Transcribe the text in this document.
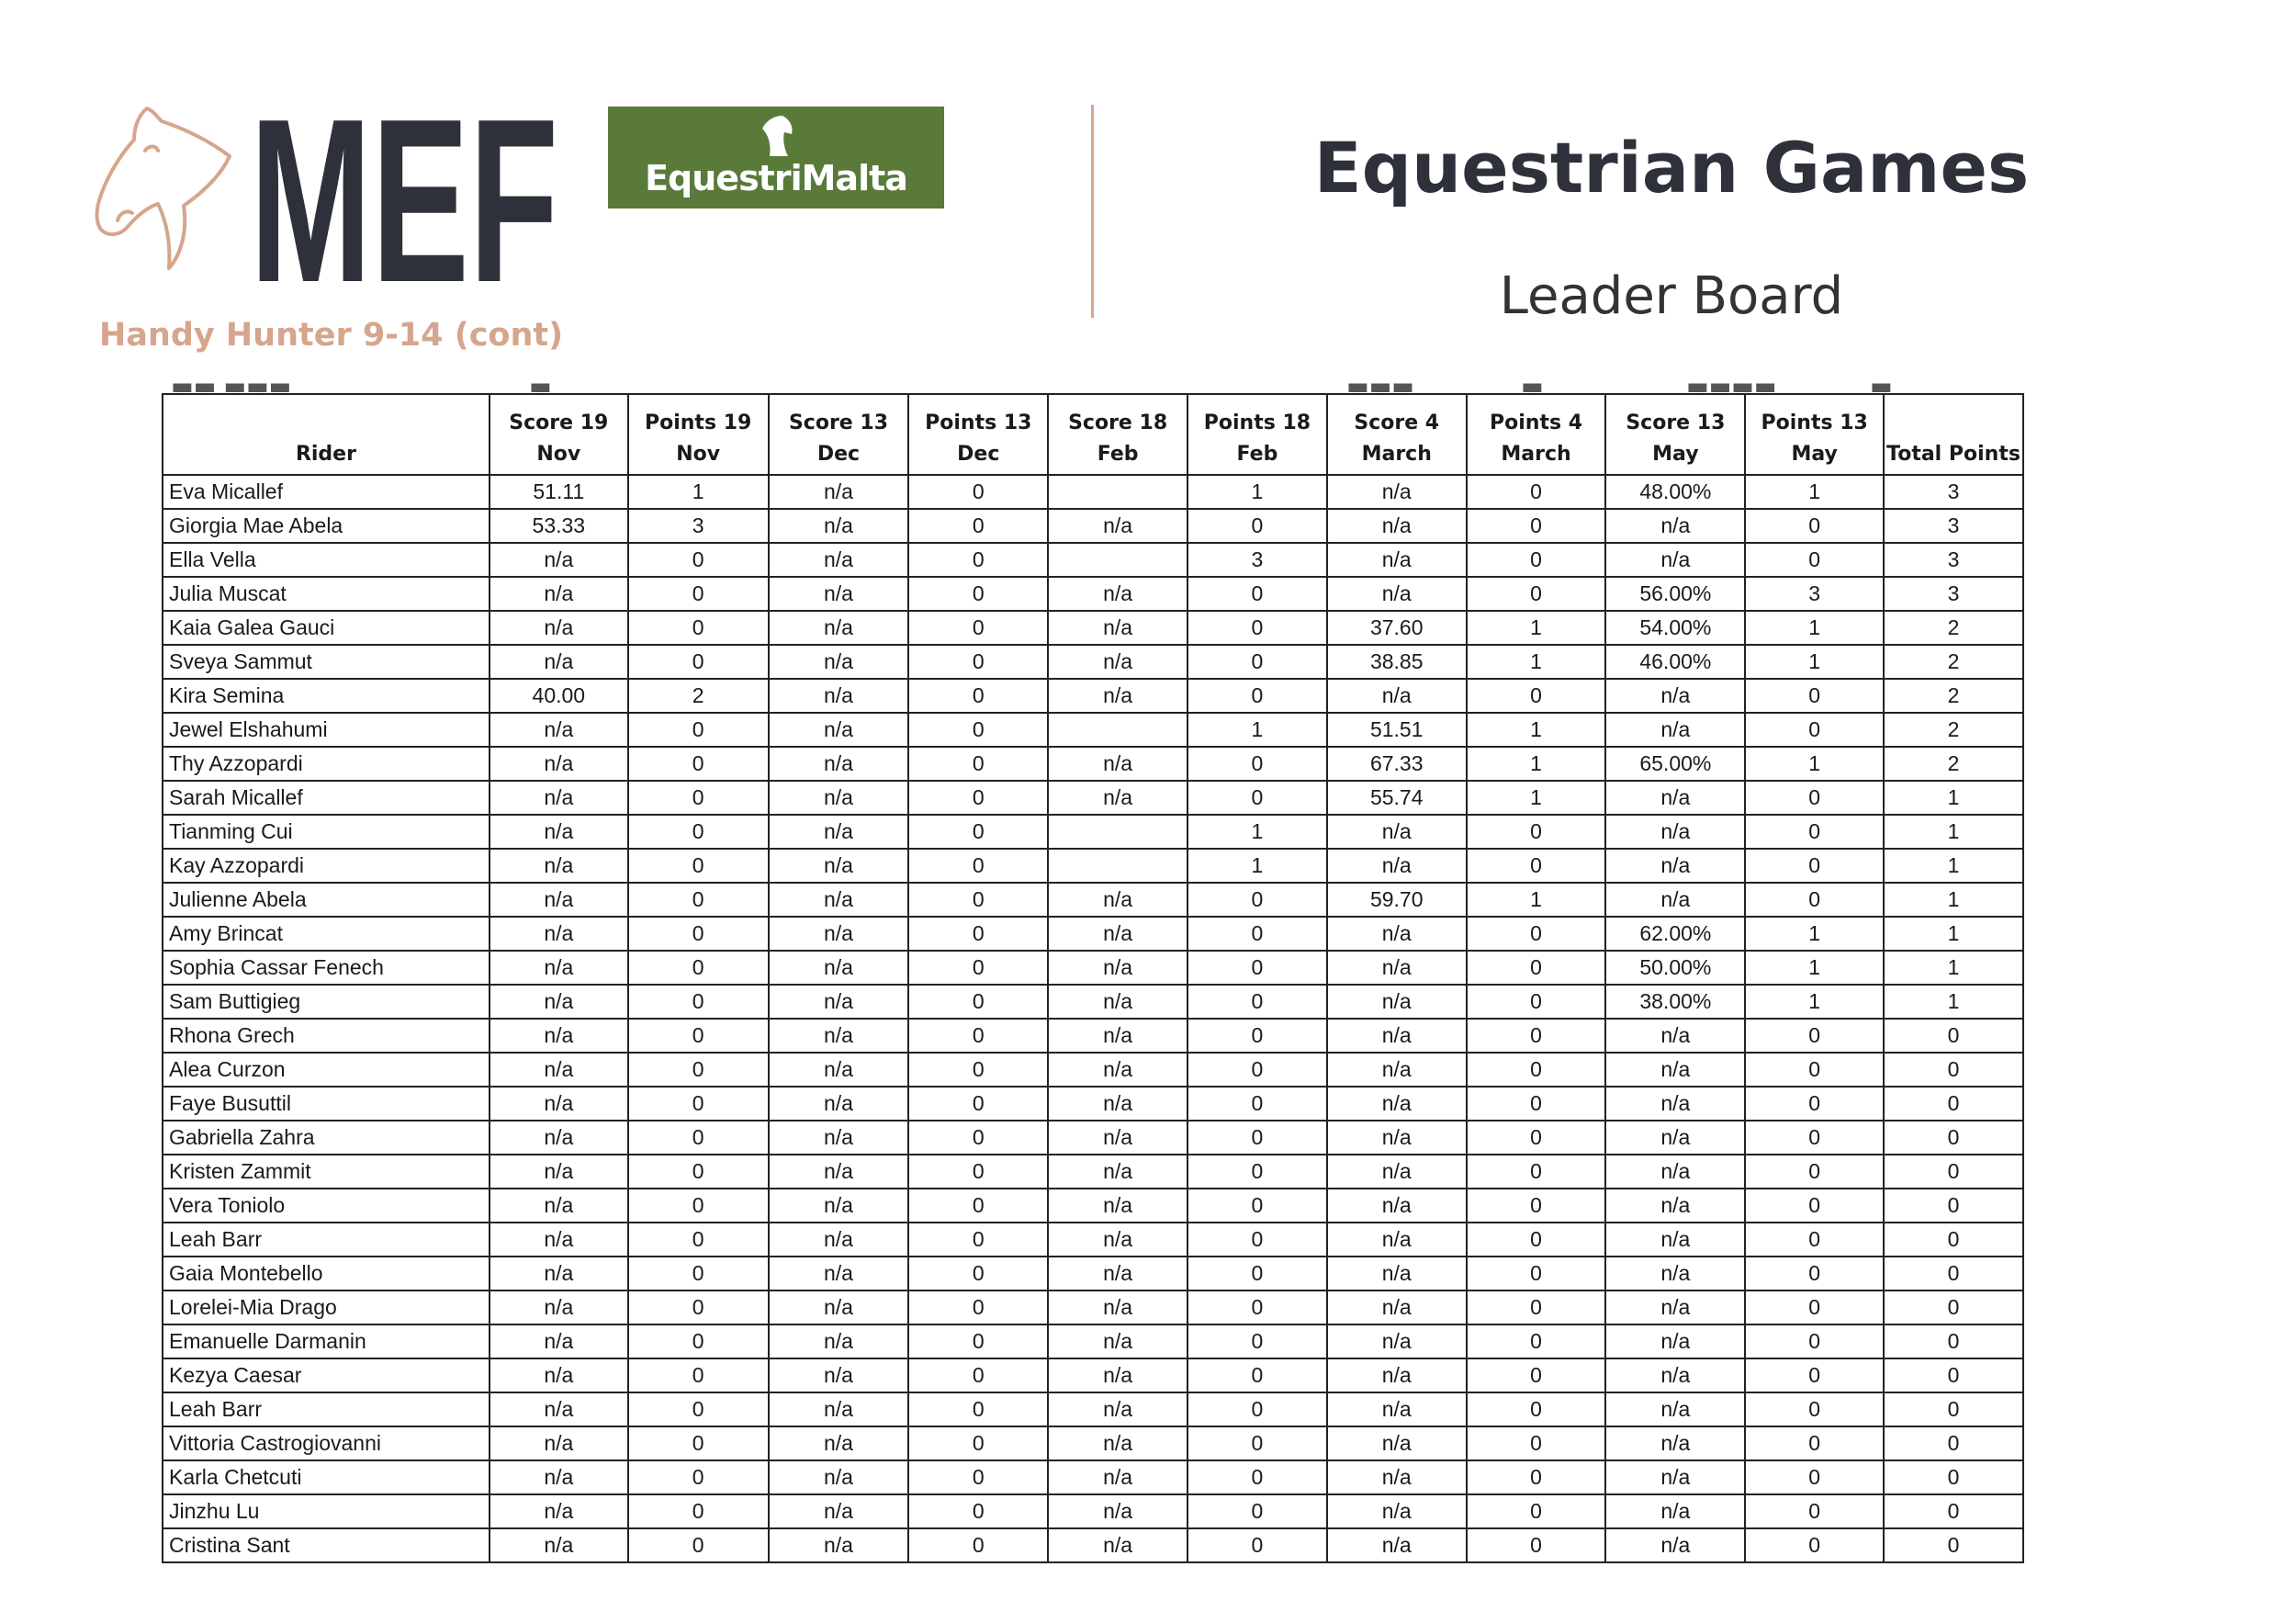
MEF	EquestriMalta	Equestrian Games
Leader Board
Handy Hunter 9-14 (cont)
▬▬ ▬▬▬	▬	▬▬▬	▬	▬▬▬▬	▬
Rider	Score 19 Nov	Points 19 Nov	Score 13 Dec	Points 13 Dec	Score 18 Feb	Points 18 Feb	Score 4 March	Points 4 March	Score 13 May	Points 13 May	Total Points
Eva Micallef	51.11	1	n/a	0		1	n/a	0	48.00%	1	3
Giorgia Mae Abela	53.33	3	n/a	0	n/a	0	n/a	0	n/a	0	3
Ella Vella	n/a	0	n/a	0		3	n/a	0	n/a	0	3
Julia Muscat	n/a	0	n/a	0	n/a	0	n/a	0	56.00%	3	3
Kaia Galea Gauci	n/a	0	n/a	0	n/a	0	37.60	1	54.00%	1	2
Sveya Sammut	n/a	0	n/a	0	n/a	0	38.85	1	46.00%	1	2
Kira Semina	40.00	2	n/a	0	n/a	0	n/a	0	n/a	0	2
Jewel Elshahumi	n/a	0	n/a	0		1	51.51	1	n/a	0	2
Thy Azzopardi	n/a	0	n/a	0	n/a	0	67.33	1	65.00%	1	2
Sarah Micallef	n/a	0	n/a	0	n/a	0	55.74	1	n/a	0	1
Tianming Cui	n/a	0	n/a	0		1	n/a	0	n/a	0	1
Kay Azzopardi	n/a	0	n/a	0		1	n/a	0	n/a	0	1
Julienne Abela	n/a	0	n/a	0	n/a	0	59.70	1	n/a	0	1
Amy Brincat	n/a	0	n/a	0	n/a	0	n/a	0	62.00%	1	1
Sophia Cassar Fenech	n/a	0	n/a	0	n/a	0	n/a	0	50.00%	1	1
Sam Buttigieg	n/a	0	n/a	0	n/a	0	n/a	0	38.00%	1	1
Rhona Grech	n/a	0	n/a	0	n/a	0	n/a	0	n/a	0	0
Alea Curzon	n/a	0	n/a	0	n/a	0	n/a	0	n/a	0	0
Faye Busuttil	n/a	0	n/a	0	n/a	0	n/a	0	n/a	0	0
Gabriella Zahra	n/a	0	n/a	0	n/a	0	n/a	0	n/a	0	0
Kristen Zammit	n/a	0	n/a	0	n/a	0	n/a	0	n/a	0	0
Vera Toniolo	n/a	0	n/a	0	n/a	0	n/a	0	n/a	0	0
Leah Barr	n/a	0	n/a	0	n/a	0	n/a	0	n/a	0	0
Gaia Montebello	n/a	0	n/a	0	n/a	0	n/a	0	n/a	0	0
Lorelei-Mia Drago	n/a	0	n/a	0	n/a	0	n/a	0	n/a	0	0
Emanuelle Darmanin	n/a	0	n/a	0	n/a	0	n/a	0	n/a	0	0
Kezya Caesar	n/a	0	n/a	0	n/a	0	n/a	0	n/a	0	0
Leah Barr	n/a	0	n/a	0	n/a	0	n/a	0	n/a	0	0
Vittoria Castrogiovanni	n/a	0	n/a	0	n/a	0	n/a	0	n/a	0	0
Karla Chetcuti	n/a	0	n/a	0	n/a	0	n/a	0	n/a	0	0
Jinzhu Lu	n/a	0	n/a	0	n/a	0	n/a	0	n/a	0	0
Cristina Sant	n/a	0	n/a	0	n/a	0	n/a	0	n/a	0	0
